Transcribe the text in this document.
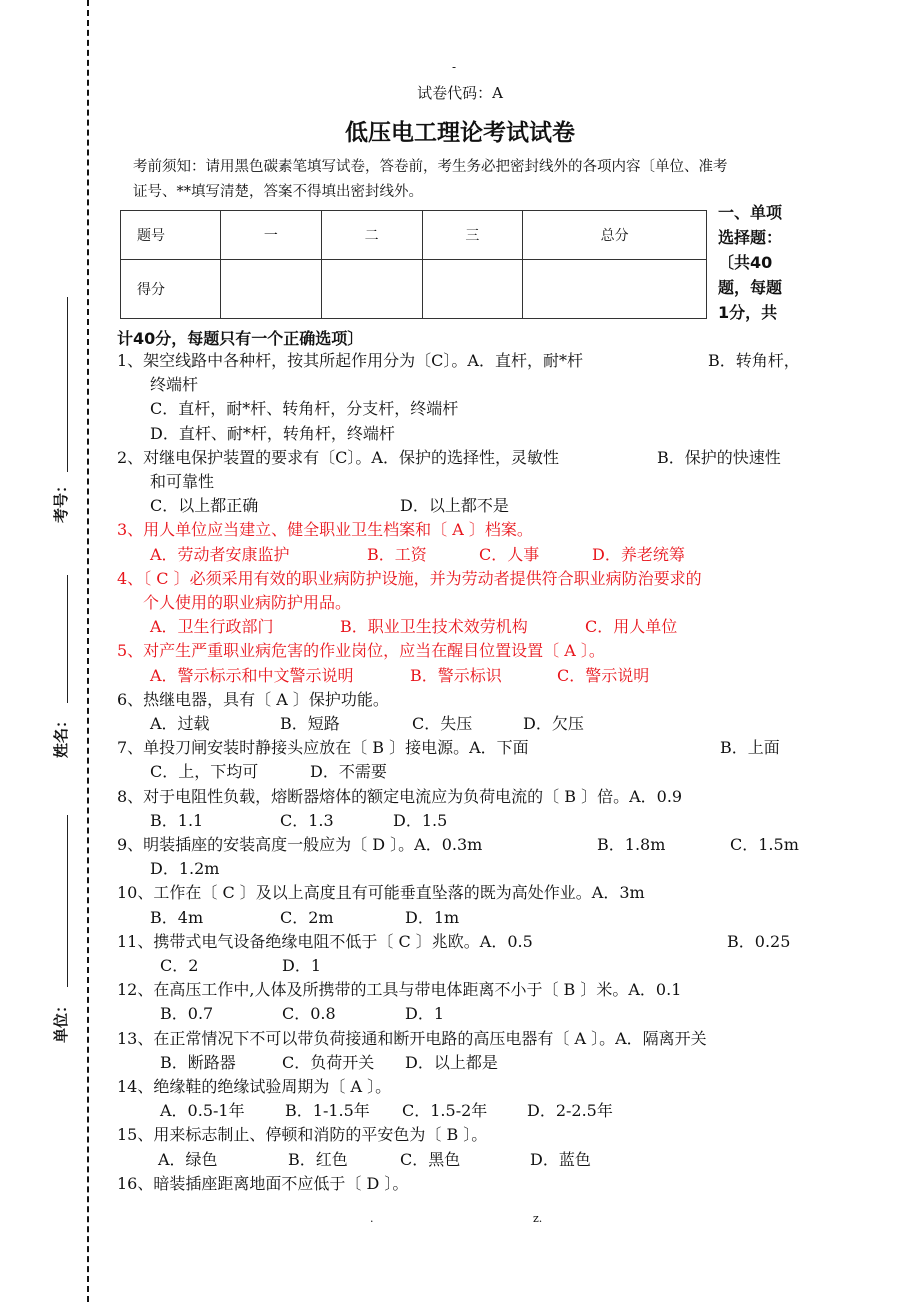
考号：
姓名：
单位：
-
试卷代码：A
低压电工理论考试试卷
考前须知：请用黑色碳素笔填写试卷，答卷前，考生务必把密封线外的各项内容〔单位、准考
证号、**填写清楚，答案不得填出密封线外。
题号	一	二	三	总分
得分				
一、单项
选择题：
〔共40
题，每题
1分，共
计40分，每题只有一个正确选项〕
1、架空线路中各种杆，按其所起作用分为〔C〕。A．直杆，耐*杆	B．转角杆，
终端杆
C．直杆，耐*杆、转角杆，分支杆，终端杆
D．直杆、耐*杆，转角杆，终端杆
2、对继电保护装置的要求有〔C〕。A．保护的选择性，灵敏性	B．保护的快速性
和可靠性
C．以上都正确	D．以上都不是
3、用人单位应当建立、健全职业卫生档案和〔 A 〕档案。
A．劳动者安康监护	B．工资	C．人事	D．养老统筹
4、〔 C 〕必须采用有效的职业病防护设施，并为劳动者提供符合职业病防治要求的
个人使用的职业病防护用品。
A．卫生行政部门	B．职业卫生技术效劳机构	C．用人单位
5、对产生严重职业病危害的作业岗位，应当在醒目位置设置〔 A 〕。
A．警示标示和中文警示说明	B．警示标识	C．警示说明
6、热继电器，具有〔 A 〕保护功能。
A．过载	B．短路	C．失压	D．欠压
7、单投刀闸安装时静接头应放在〔 B 〕接电源。A．下面	B．上面
C．上，下均可	D．不需要
8、对于电阻性负载，熔断器熔体的额定电流应为负荷电流的〔 B 〕倍。A．0.9
B．1.1	C．1.3	D．1.5
9、明装插座的安装高度一般应为〔 D 〕。A．0.3m	B．1.8m	C．1.5m
D．1.2m
10、工作在〔 C 〕及以上高度且有可能垂直坠落的既为高处作业。A．3m
B．4m	C．2m	D．1m
11、携带式电气设备绝缘电阻不低于〔 C 〕兆欧。A．0.5	B．0.25
C．2	D．1
12、在高压工作中,人体及所携带的工具与带电体距离不小于〔 B 〕米。A．0.1
B．0.7	C．0.8	D．1
13、在正常情况下不可以带负荷接通和断开电路的高压电器有〔 A 〕。A．隔离开关
B．断路器	C．负荷开关 D．以上都是
14、绝缘鞋的绝缘试验周期为〔 A 〕。
A．0.5-1年	B．1-1.5年 C．1.5-2年 D．2-2.5年
15、用来标志制止、停顿和消防的平安色为〔 B 〕。
A．绿色	B．红色	C．黑色	D．蓝色
16、暗装插座距离地面不应低于〔 D 〕。
.	z.
